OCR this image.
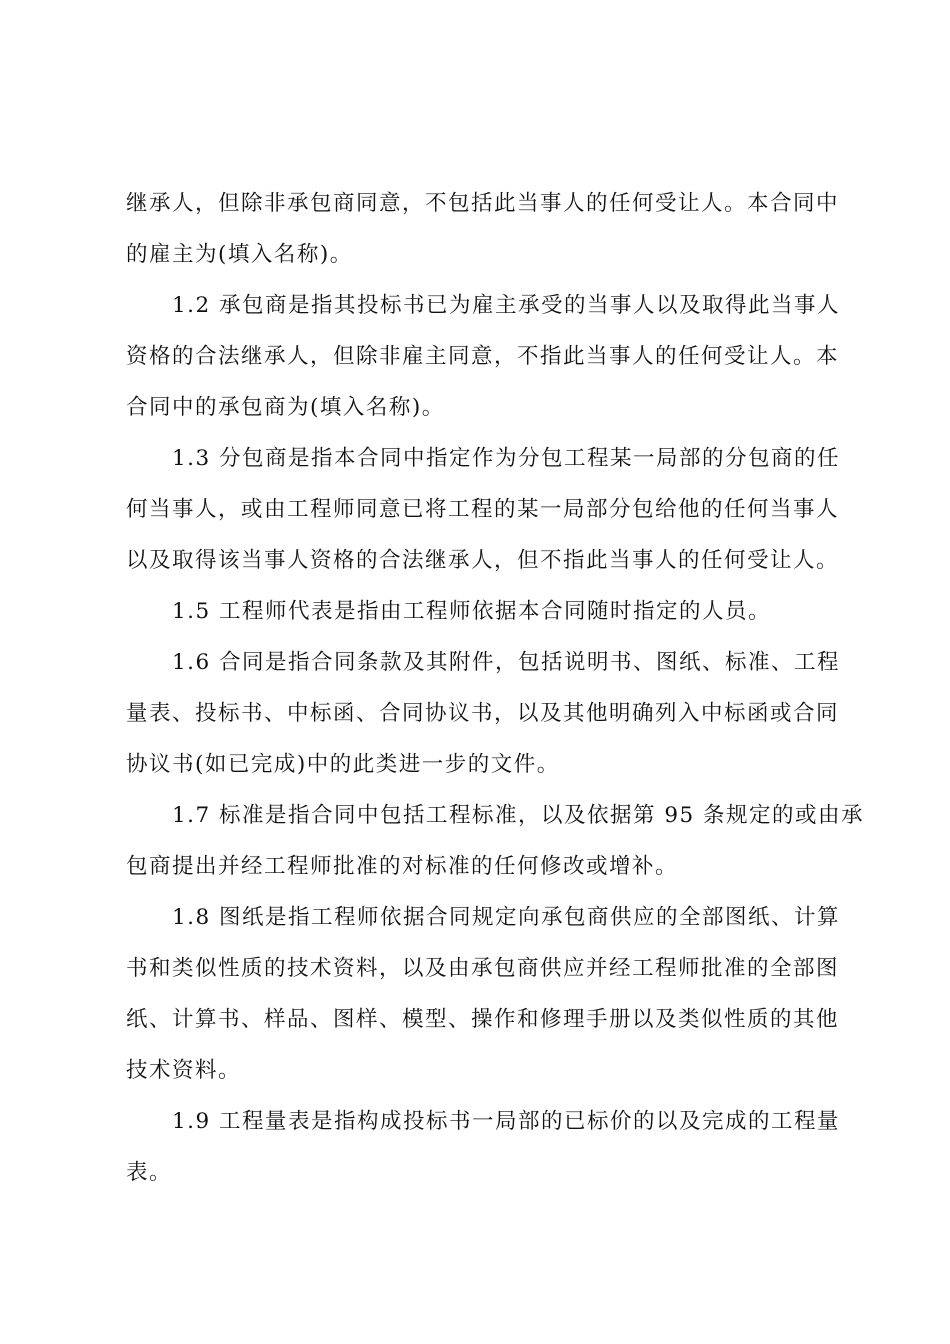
继承人，但除非承包商同意，不包括此当事人的任何受让人。本合同中
的雇主为(填入名称)。
1.2 承包商是指其投标书已为雇主承受的当事人以及取得此当事人
资格的合法继承人，但除非雇主同意，不指此当事人的任何受让人。本
合同中的承包商为(填入名称)。
1.3 分包商是指本合同中指定作为分包工程某一局部的分包商的任
何当事人，或由工程师同意已将工程的某一局部分包给他的任何当事人
以及取得该当事人资格的合法继承人，但不指此当事人的任何受让人。
1.5 工程师代表是指由工程师依据本合同随时指定的人员。
1.6 合同是指合同条款及其附件，包括说明书、图纸、标准、工程
量表、投标书、中标函、合同协议书，以及其他明确列入中标函或合同
协议书(如已完成)中的此类进一步的文件。
1.7 标准是指合同中包括工程标准，以及依据第 95 条规定的或由承
包商提出并经工程师批准的对标准的任何修改或增补。
1.8 图纸是指工程师依据合同规定向承包商供应的全部图纸、计算
书和类似性质的技术资料，以及由承包商供应并经工程师批准的全部图
纸、计算书、样品、图样、模型、操作和修理手册以及类似性质的其他
技术资料。
1.9 工程量表是指构成投标书一局部的已标价的以及完成的工程量
表。
